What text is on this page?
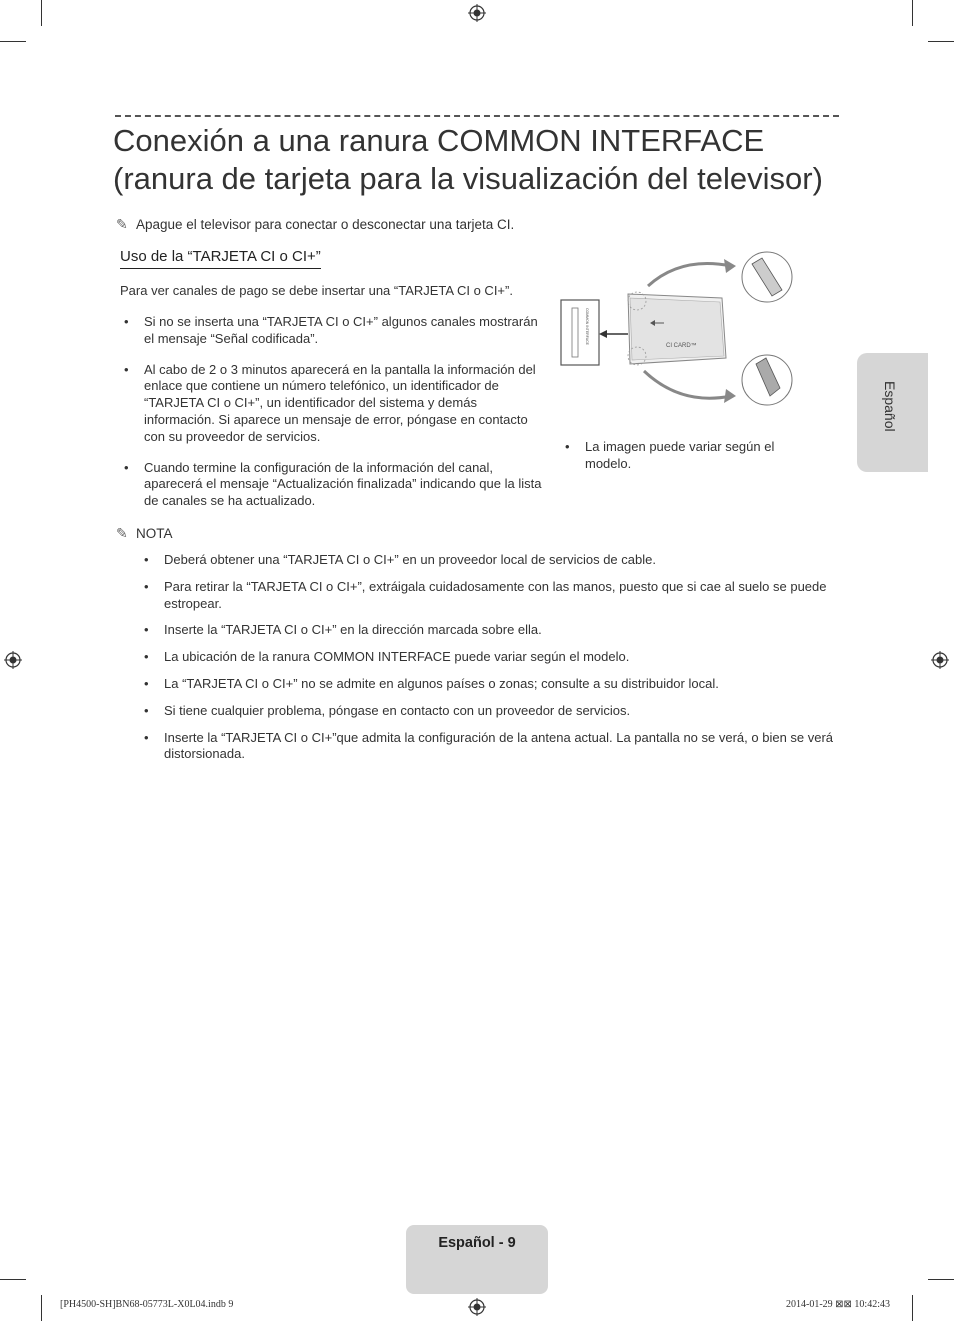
Conexión a una ranura COMMON INTERFACE
(ranura de tarjeta para la visualización del televisor)
✎ Apague el televisor para conectar o desconectar una tarjeta CI.
Uso de la “TARJETA CI o CI+”
Para ver canales de pago se debe insertar una “TARJETA CI o CI+”.
• Si no se inserta una “TARJETA CI o CI+” algunos canales mostrarán el mensaje “Señal codificada”.
• Al cabo de 2 o 3 minutos aparecerá en la pantalla la información del enlace que contiene un número telefónico, un identificador de “TARJETA CI o CI+”, un identificador del sistema y demás información. Si aparece un mensaje de error, póngase en contacto con su proveedor de servicios.
• Cuando termine la configuración de la información del canal, aparecerá el mensaje “Actualización finalizada” indicando que la lista de canales se ha actualizado.
COMMON INTERFACE
CI CARD™
• La imagen puede variar según el modelo.
✎ NOTA
• Deberá obtener una “TARJETA CI o CI+” en un proveedor local de servicios de cable.
• Para retirar la “TARJETA CI o CI+”, extráigala cuidadosamente con las manos, puesto que si cae al suelo se puede estropear.
• Inserte la “TARJETA CI o CI+” en la dirección marcada sobre ella.
• La ubicación de la ranura COMMON INTERFACE puede variar según el modelo.
• La “TARJETA CI o CI+” no se admite en algunos países o zonas; consulte a su distribuidor local.
• Si tiene cualquier problema, póngase en contacto con un proveedor de servicios.
• Inserte la “TARJETA CI o CI+”que admita la configuración de la antena actual. La pantalla no se verá, o bien se verá distorsionada.
Español
Español - 9
[PH4500-SH]BN68-05773L-X0L04.indb 9	2014-01-29 ⊠⊠ 10:42:43
